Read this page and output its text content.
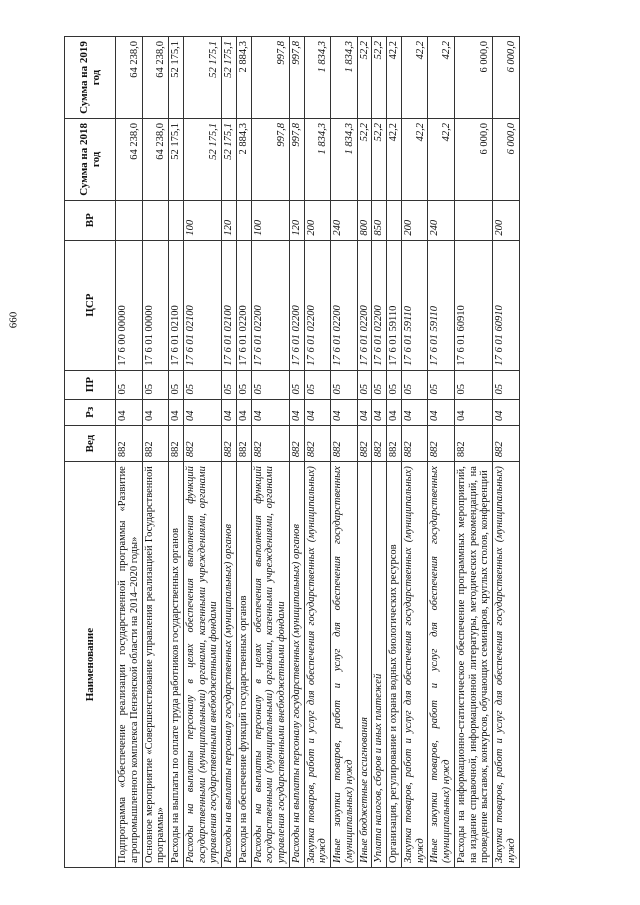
660
Наименование	Вед	Рз	ПР	ЦСР	ВР	Сумма на 2018 год	Сумма на 2019 год
Подпрограмма «Обеспечение реализации государственной программы «Развитие агропромышленного комплекса Пензенской области на 2014–2020 годы»	882	04	05	17 6 00 00000		64 238,0	64 238,0
Основное мероприятие «Совершенствование управления реализацией Государственной программы»	882	04	05	17 6 01 00000		64 238,0	64 238,0
Расходы на выплаты по оплате труда работников государственных органов	882	04	05	17 6 01 02100		52 175,1	52 175,1
Расходы на выплаты персоналу в целях обеспечения выполнения функций государственными (муниципальными) органами, казенными учреждениями, органами управления государственными внебюджетными фондами	882	04	05	17 6 01 02100	100	52 175,1	52 175,1
Расходы на выплаты персоналу государственных (муниципальных) органов	882	04	05	17 6 01 02100	120	52 175,1	52 175,1
Расходы на обеспечение функций государственных органов	882	04	05	17 6 01 02200		2 884,3	2 884,3
Расходы на выплаты персоналу в целях обеспечения выполнения функций государственными (муниципальными) органами, казенными учреждениями, органами управления государственными внебюджетными фондами	882	04	05	17 6 01 02200	100	997,8	997,8
Расходы на выплаты персоналу государственных (муниципальных) органов	882	04	05	17 6 01 02200	120	997,8	997,8
Закупка товаров, работ и услуг для обеспечения государственных (муниципальных) нужд	882	04	05	17 6 01 02200	200	1 834,3	1 834,3
Иные закупки товаров, работ и услуг для обеспечения государственных (муниципальных) нужд	882	04	05	17 6 01 02200	240	1 834,3	1 834,3
Иные бюджетные ассигнования	882	04	05	17 6 01 02200	800	52,2	52,2
Уплата налогов, сборов и иных платежей	882	04	05	17 6 01 02200	850	52,2	52,2
Организация, регулирование и охрана водных биологических ресурсов	882	04	05	17 6 01 59110		42,2	42,2
Закупка товаров, работ и услуг для обеспечения государственных (муниципальных) нужд	882	04	05	17 6 01 59110	200	42,2	42,2
Иные закупки товаров, работ и услуг для обеспечения государственных (муниципальных) нужд	882	04	05	17 6 01 59110	240	42,2	42,2
Расходы на информационно-статистическое обеспечение программных мероприятий, на издание справочной, информационной литературы, методических рекомендаций, на проведение выставок, конкурсов, обучающих семинаров, круглых столов, конференций	882	04	05	17 6 01 60910		6 000,0	6 000,0
Закупка товаров, работ и услуг для обеспечения государственных (муниципальных) нужд	882	04	05	17 6 01 60910	200	6 000,0	6 000,0
